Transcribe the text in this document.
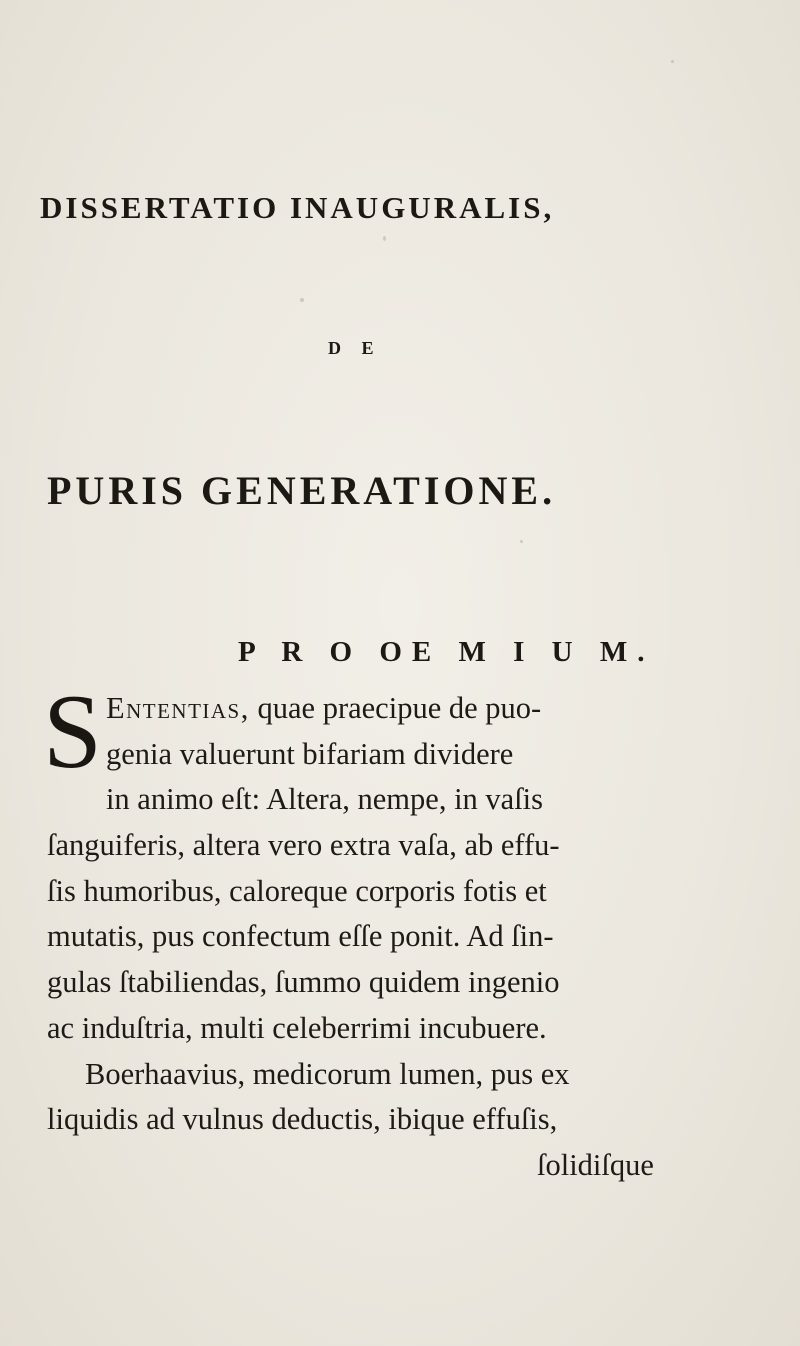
DISSERTATIO INAUGURALIS,
D E
PURIS GENERATIONE.
P R O OE M I U M.
S Ententias, quae praecipue de puo-
genia valuerunt bifariam dividere
in animo eſt: Altera, nempe, in vaſis
ſanguiferis, altera vero extra vaſa, ab effu-
ſis humoribus, caloreque corporis fotis et
mutatis, pus confectum eſſe ponit. Ad ſin-
gulas ſtabiliendas, ſummo quidem ingenio
ac induſtria, multi celeberrimi incubuere.
Boerhaavius, medicorum lumen, pus ex
liquidis ad vulnus deductis, ibique effuſis,
ſolidiſque
